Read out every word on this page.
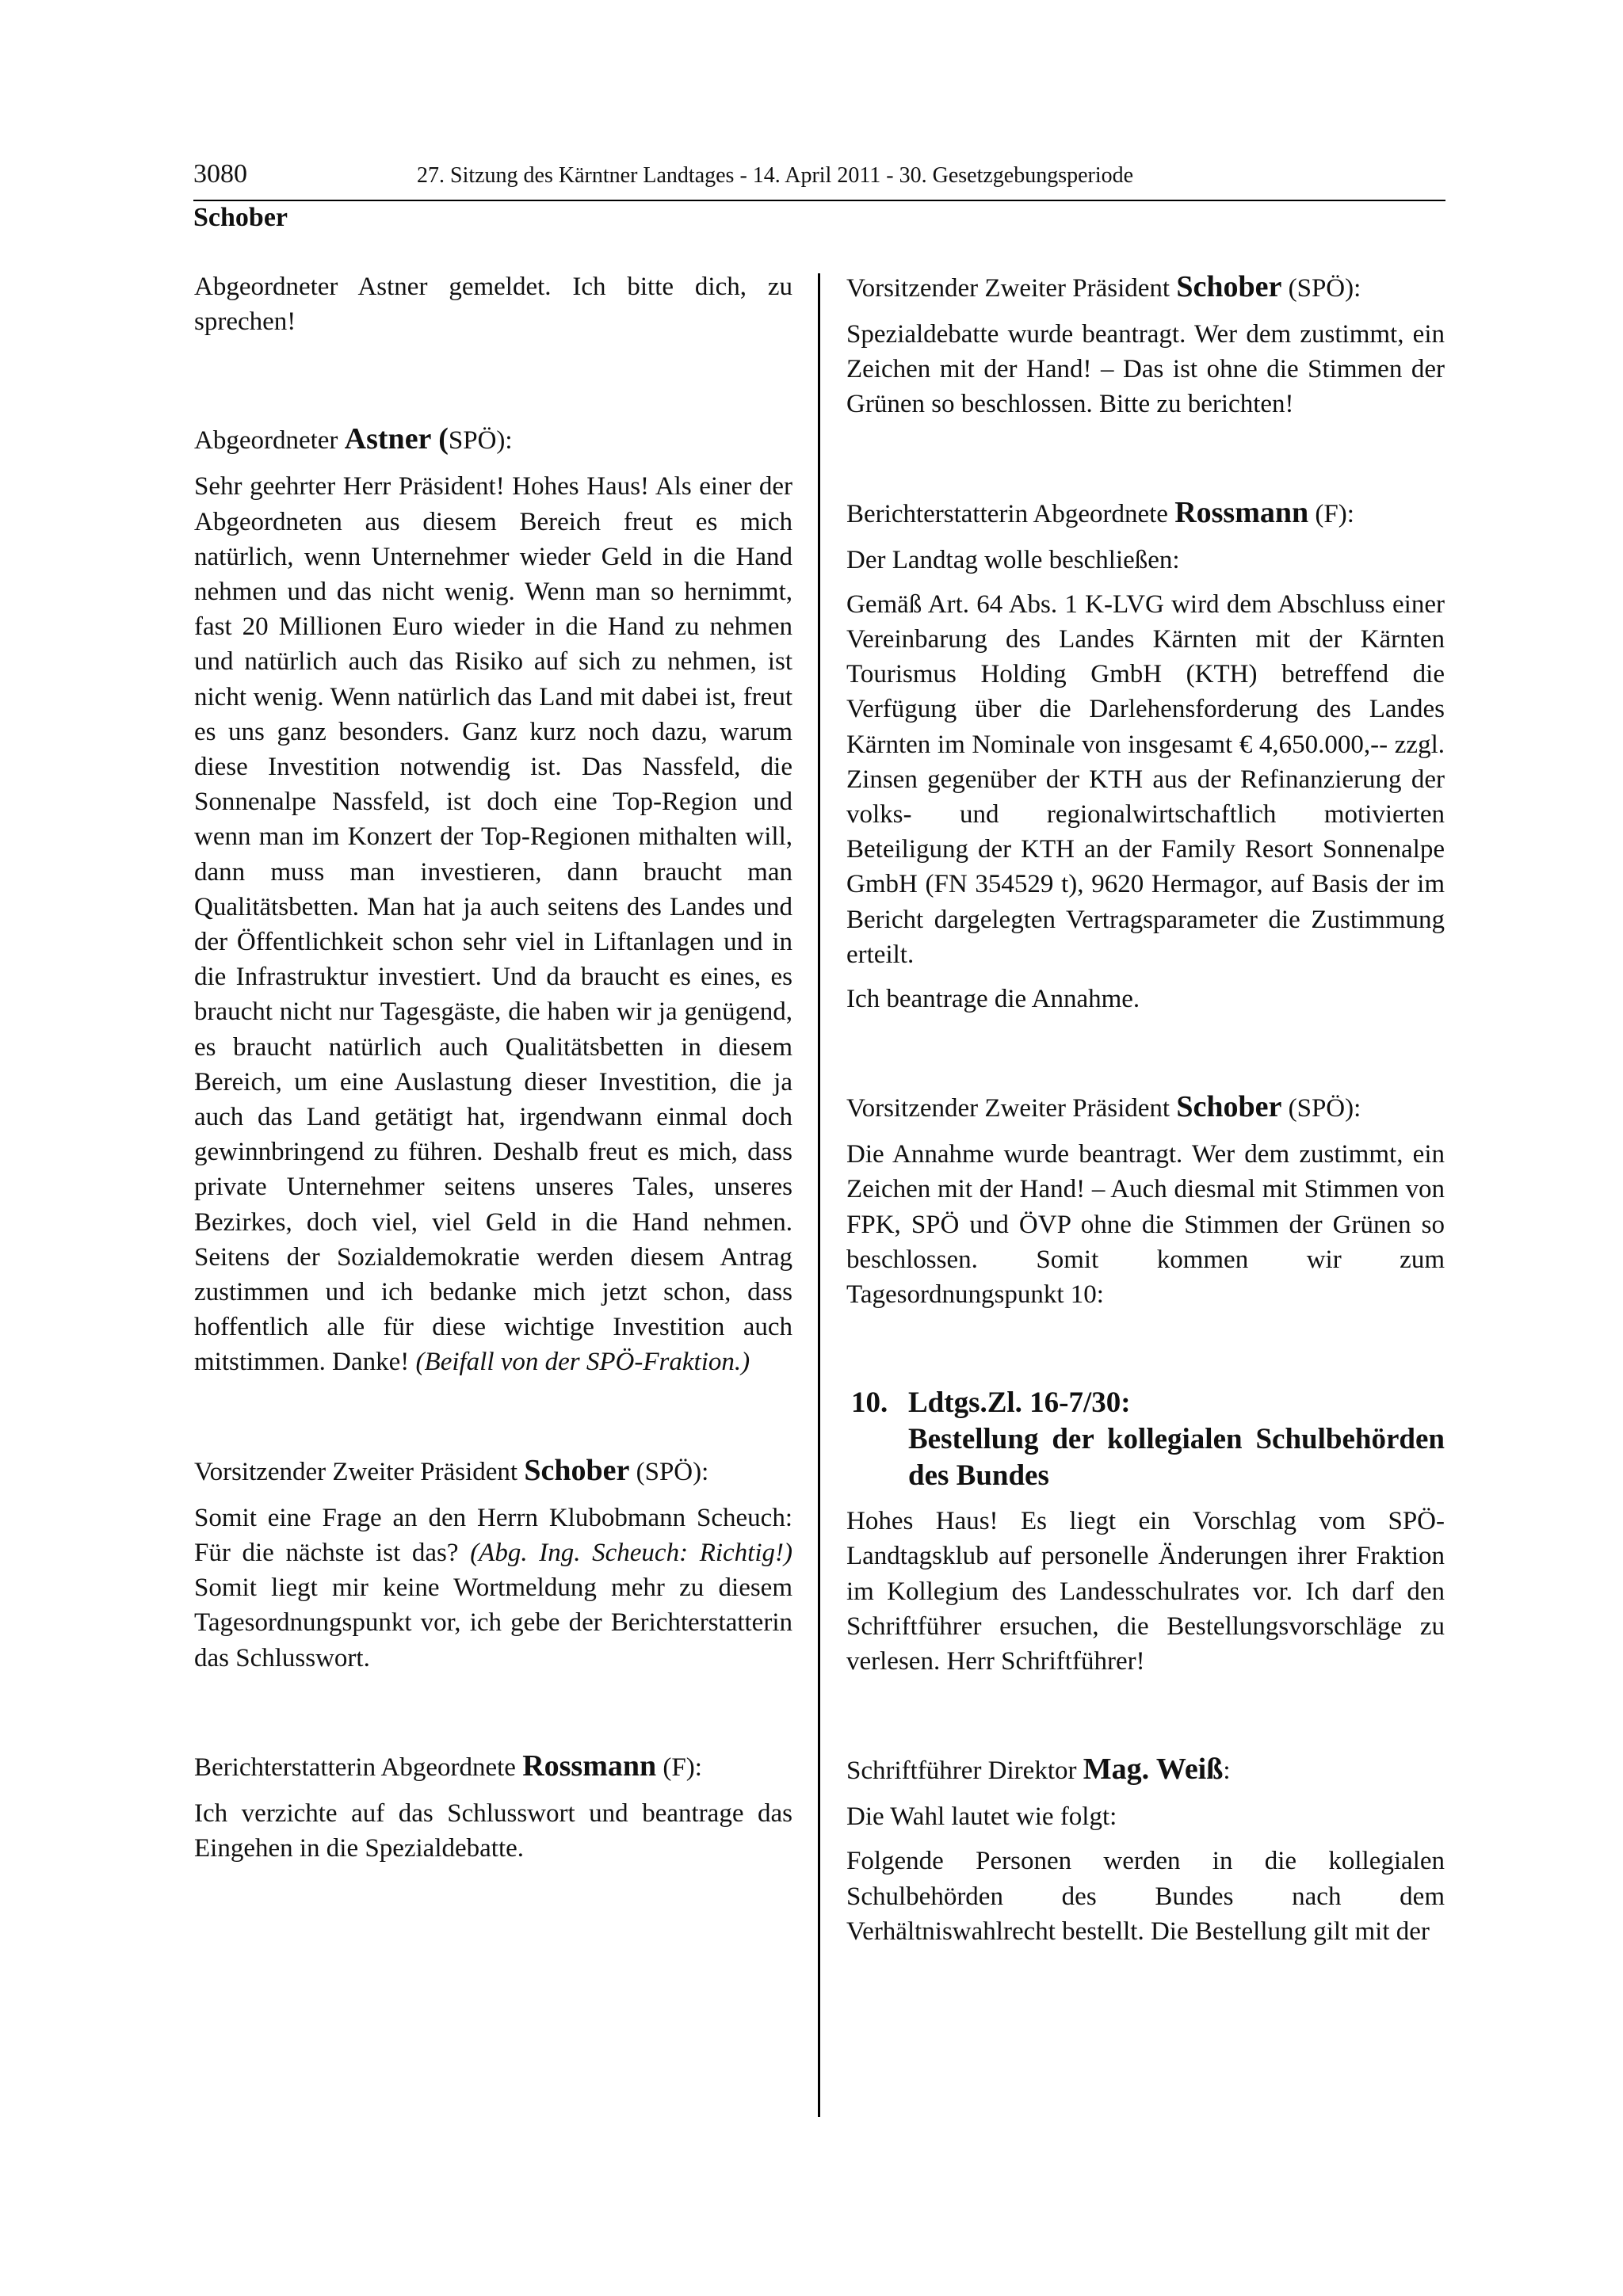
3080	27. Sitzung des Kärntner Landtages - 14. April 2011 - 30. Gesetzgebungsperiode
Schober

Abgeordneter Astner gemeldet. Ich bitte dich, zu sprechen!

Abgeordneter Astner (SPÖ):

Sehr geehrter Herr Präsident! Hohes Haus! Als einer der Abgeordneten aus diesem Bereich freut es mich natürlich, wenn Unternehmer wieder Geld in die Hand nehmen und das nicht wenig. Wenn man so hernimmt, fast 20 Millionen Euro wieder in die Hand zu nehmen und natürlich auch das Risiko auf sich zu nehmen, ist nicht wenig. Wenn natürlich das Land mit dabei ist, freut es uns ganz besonders. Ganz kurz noch dazu, warum diese Investition notwendig ist. Das Nassfeld, die Sonnenalpe Nassfeld, ist doch eine Top-Region und wenn man im Konzert der Top-Regionen mithalten will, dann muss man investieren, dann braucht man Qualitätsbetten. Man hat ja auch seitens des Landes und der Öffentlichkeit schon sehr viel in Liftanlagen und in die Infrastruktur investiert. Und da braucht es eines, es braucht nicht nur Tagesgäste, die haben wir ja genügend, es braucht natürlich auch Qualitätsbetten in diesem Bereich, um eine Auslastung dieser Investition, die ja auch das Land getätigt hat, irgendwann einmal doch gewinnbringend zu führen. Deshalb freut es mich, dass private Unternehmer seitens unseres Tales, unseres Bezirkes, doch viel, viel Geld in die Hand nehmen. Seitens der Sozialdemokratie werden diesem Antrag zustimmen und ich bedanke mich jetzt schon, dass hoffentlich alle für diese wichtige Investition auch mitstimmen. Danke! (Beifall von der SPÖ-Fraktion.)

Vorsitzender Zweiter Präsident Schober (SPÖ):

Somit eine Frage an den Herrn Klubobmann Scheuch: Für die nächste ist das? (Abg. Ing. Scheuch: Richtig!) Somit liegt mir keine Wortmeldung mehr zu diesem Tagesordnungspunkt vor, ich gebe der Berichterstatterin das Schlusswort.

Berichterstatterin Abgeordnete Rossmann (F):

Ich verzichte auf das Schlusswort und beantrage das Eingehen in die Spezialdebatte.

Vorsitzender Zweiter Präsident Schober (SPÖ):

Spezialdebatte wurde beantragt. Wer dem zustimmt, ein Zeichen mit der Hand! – Das ist ohne die Stimmen der Grünen so beschlossen. Bitte zu berichten!

Berichterstatterin Abgeordnete Rossmann (F):

Der Landtag wolle beschließen:

Gemäß Art. 64 Abs. 1 K-LVG wird dem Abschluss einer Vereinbarung des Landes Kärnten mit der Kärnten Tourismus Holding GmbH (KTH) betreffend die Verfügung über die Darlehensforderung des Landes Kärnten im Nominale von insgesamt € 4,650.000,-- zzgl. Zinsen gegenüber der KTH aus der Refinanzierung der volks- und regionalwirtschaftlich motivierten Beteiligung der KTH an der Family Resort Sonnenalpe GmbH (FN 354529 t), 9620 Hermagor, auf Basis der im Bericht dargelegten Vertragsparameter die Zustimmung erteilt.

Ich beantrage die Annahme.

Vorsitzender Zweiter Präsident Schober (SPÖ):

Die Annahme wurde beantragt. Wer dem zustimmt, ein Zeichen mit der Hand! – Auch diesmal mit Stimmen von FPK, SPÖ und ÖVP ohne die Stimmen der Grünen so beschlossen. Somit kommen wir zum Tagesordnungspunkt 10:

10. Ldtgs.Zl. 16-7/30:
Bestellung der kollegialen Schulbehörden des Bundes

Hohes Haus! Es liegt ein Vorschlag vom SPÖ-Landtagsklub auf personelle Änderungen ihrer Fraktion im Kollegium des Landesschulrates vor. Ich darf den Schriftführer ersuchen, die Bestellungsvorschläge zu verlesen. Herr Schriftführer!

Schriftführer Direktor Mag. Weiß:

Die Wahl lautet wie folgt:

Folgende Personen werden in die kollegialen Schulbehörden des Bundes nach dem Verhältniswahlrecht bestellt. Die Bestellung gilt mit der
